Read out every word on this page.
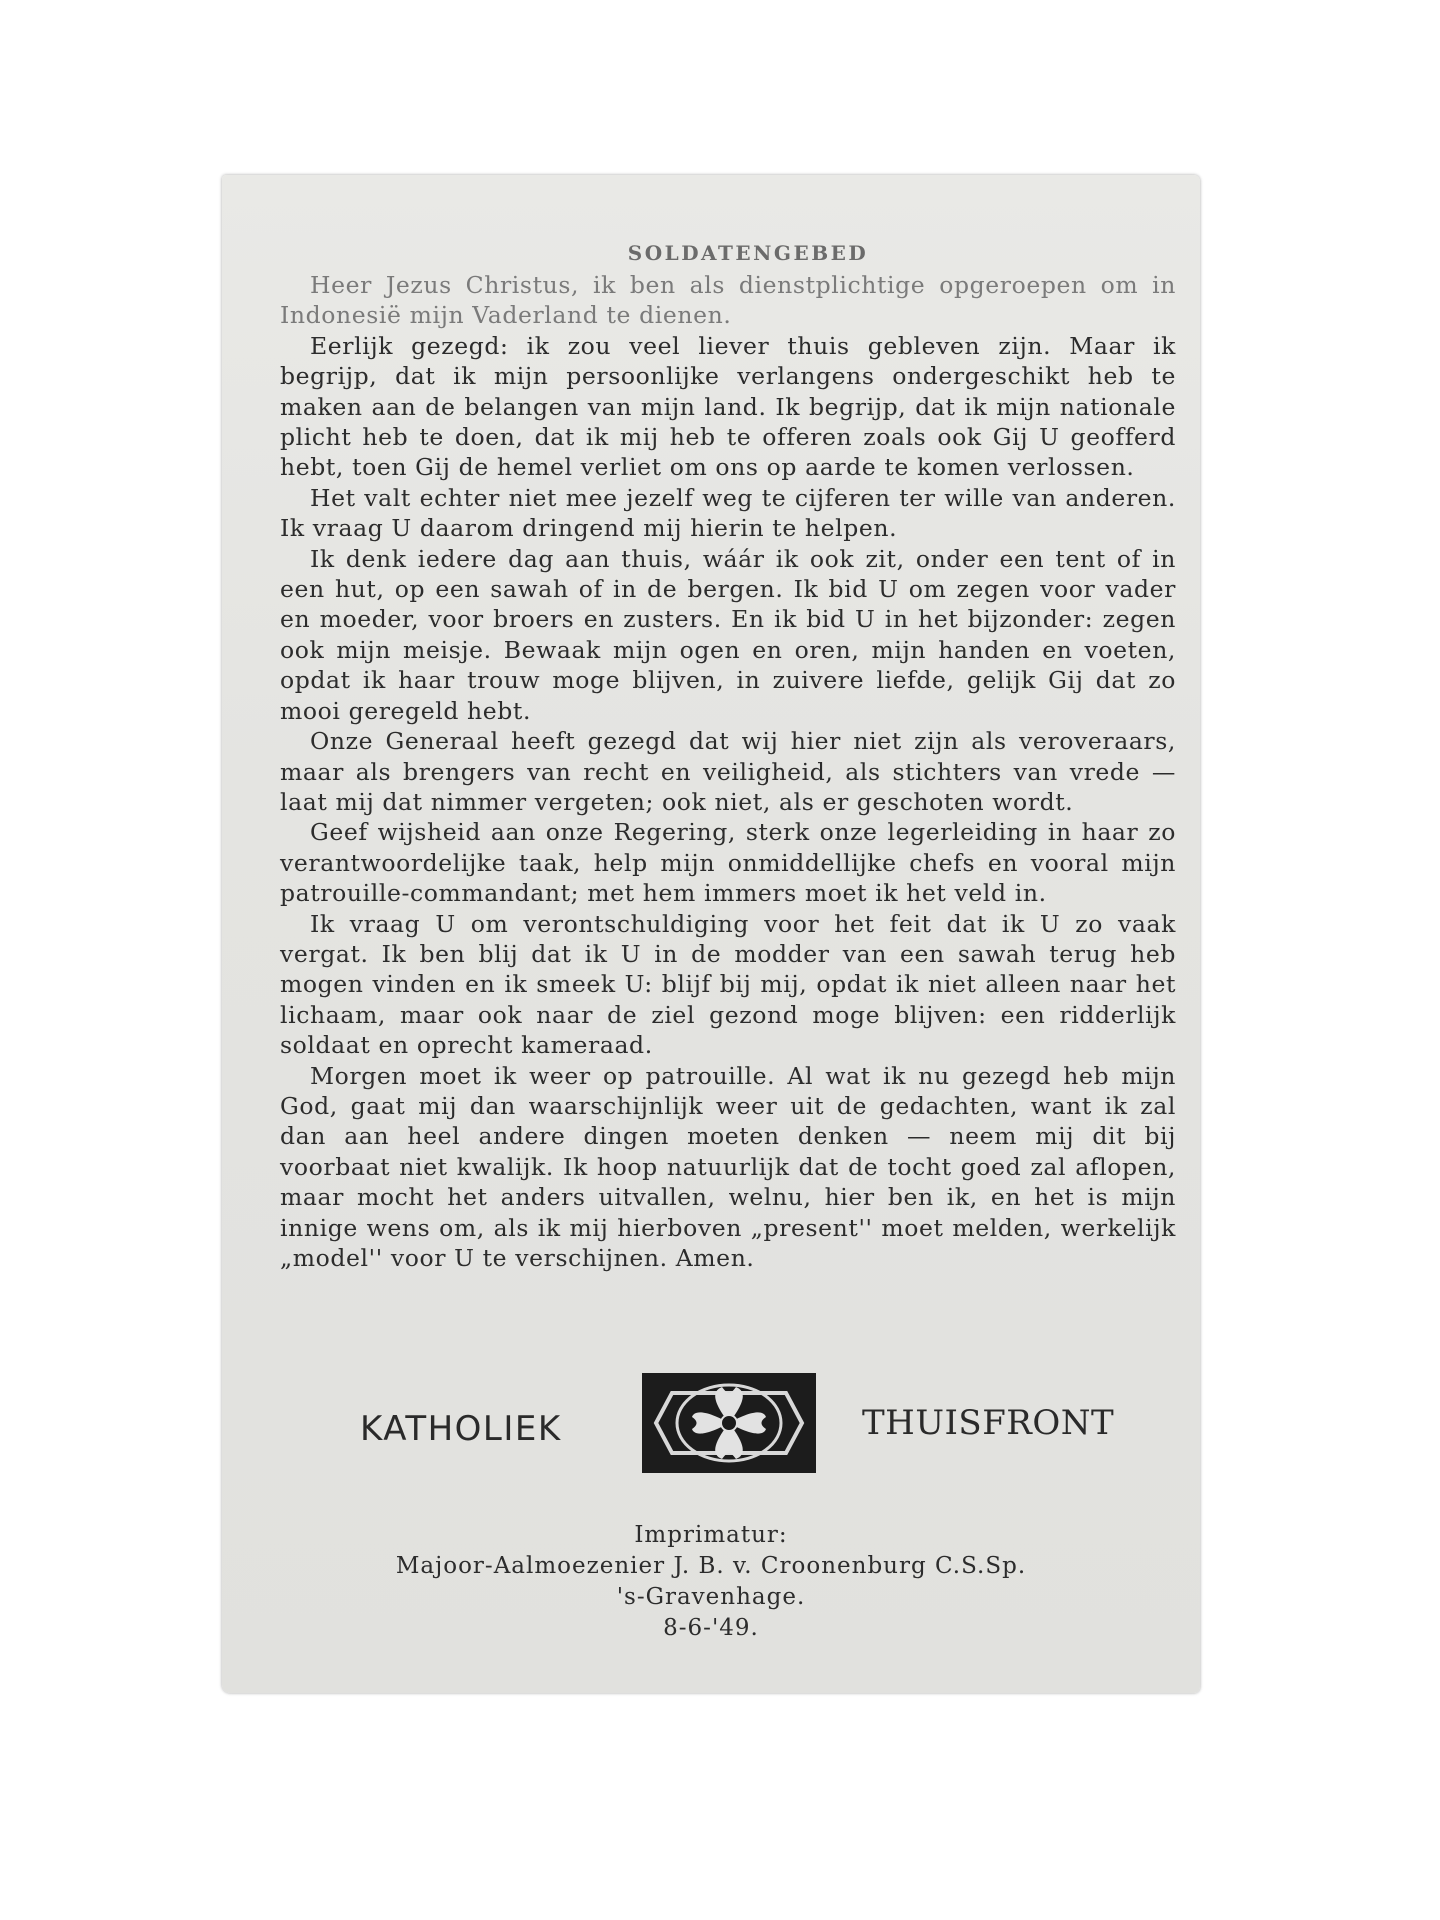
SOLDATENGEBED

Heer Jezus Christus, ik ben als dienstplichtige opgeroepen om in Indonesië mijn Vaderland te dienen.

Eerlijk gezegd: ik zou veel liever thuis gebleven zijn. Maar ik begrijp, dat ik mijn persoonlijke verlangens ondergeschikt heb te maken aan de belangen van mijn land. Ik begrijp, dat ik mijn nationale plicht heb te doen, dat ik mij heb te offeren zoals ook Gij U geofferd hebt, toen Gij de hemel verliet om ons op aarde te komen verlossen.

Het valt echter niet mee jezelf weg te cijferen ter wille van anderen. Ik vraag U daarom dringend mij hierin te helpen.

Ik denk iedere dag aan thuis, wáár ik ook zit, onder een tent of in een hut, op een sawah of in de bergen. Ik bid U om zegen voor vader en moeder, voor broers en zusters. En ik bid U in het bijzonder: zegen ook mijn meisje. Bewaak mijn ogen en oren, mijn handen en voeten, opdat ik haar trouw moge blijven, in zuivere liefde, gelijk Gij dat zo mooi geregeld hebt.

Onze Generaal heeft gezegd dat wij hier niet zijn als veroveraars, maar als brengers van recht en veiligheid, als stichters van vrede — laat mij dat nimmer vergeten; ook niet, als er geschoten wordt.

Geef wijsheid aan onze Regering, sterk onze legerleiding in haar zo verantwoordelijke taak, help mijn onmiddellijke chefs en vooral mijn patrouille-commandant; met hem immers moet ik het veld in.

Ik vraag U om verontschuldiging voor het feit dat ik U zo vaak vergat. Ik ben blij dat ik U in de modder van een sawah terug heb mogen vinden en ik smeek U: blijf bij mij, opdat ik niet alleen naar het lichaam, maar ook naar de ziel gezond moge blijven: een ridderlijk soldaat en oprecht kameraad.

Morgen moet ik weer op patrouille. Al wat ik nu gezegd heb mijn God, gaat mij dan waarschijnlijk weer uit de gedachten, want ik zal dan aan heel andere dingen moeten denken — neem mij dit bij voorbaat niet kwalijk. Ik hoop natuurlijk dat de tocht goed zal aflopen, maar mocht het anders uitvallen, welnu, hier ben ik, en het is mijn innige wens om, als ik mij hierboven „present'' moet melden, werkelijk „model'' voor U te verschijnen. Amen.

KATHOLIEK	THUISFRONT
Imprimatur:
Majoor-Aalmoezenier J. B. v. Croonenburg C.S.Sp.
's-Gravenhage.
8-6-'49.
